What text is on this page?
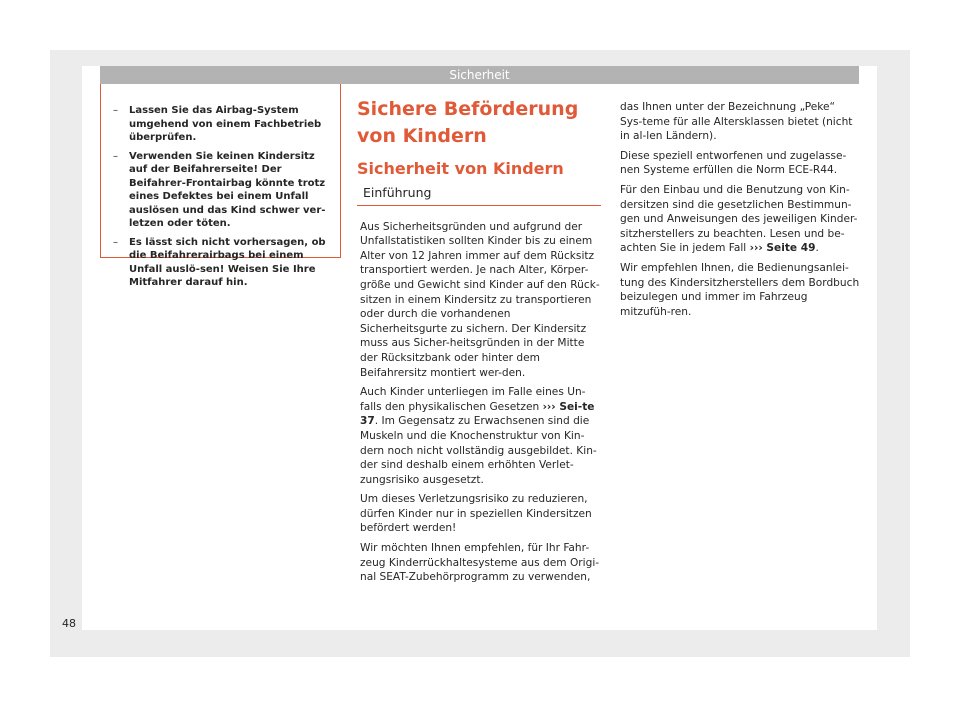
Sicherheit
– Lassen Sie das Airbag-System umgehend von einem Fachbetrieb überprüfen.
– Verwenden Sie keinen Kindersitz auf der Beifahrerseite! Der Beifahrer-Frontairbag könnte trotz eines Defektes bei einem Unfall auslösen und das Kind schwer ver-letzen oder töten.
– Es lässt sich nicht vorhersagen, ob die Beifahrerairbags bei einem Unfall auslö-sen! Weisen Sie Ihre Mitfahrer darauf hin.
Sichere Beförderung von Kindern
Sicherheit von Kindern
Einführung

Aus Sicherheitsgründen und aufgrund der Unfallstatistiken sollten Kinder bis zu einem Alter von 12 Jahren immer auf dem Rücksitz transportiert werden. Je nach Alter, Körper-größe und Gewicht sind Kinder auf den Rück-sitzen in einem Kindersitz zu transportieren oder durch die vorhandenen Sicherheitsgurte zu sichern. Der Kindersitz muss aus Sicher-heitsgründen in der Mitte der Rücksitzbank oder hinter dem Beifahrersitz montiert wer-den.

Auch Kinder unterliegen im Falle eines Un-falls den physikalischen Gesetzen ››› Sei-te 37. Im Gegensatz zu Erwachsenen sind die Muskeln und die Knochenstruktur von Kin-dern noch nicht vollständig ausgebildet. Kin-der sind deshalb einem erhöhten Verlet-zungsrisiko ausgesetzt.

Um dieses Verletzungsrisiko zu reduzieren, dürfen Kinder nur in speziellen Kindersitzen befördert werden!

Wir möchten Ihnen empfehlen, für Ihr Fahr-zeug Kinderrückhaltesysteme aus dem Origi-nal SEAT-Zubehörprogramm zu verwenden,

das Ihnen unter der Bezeichnung „Peke“ Sys-teme für alle Altersklassen bietet (nicht in al-len Ländern).

Diese speziell entworfenen und zugelasse-nen Systeme erfüllen die Norm ECE-R44.

Für den Einbau und die Benutzung von Kin-dersitzen sind die gesetzlichen Bestimmun-gen und Anweisungen des jeweiligen Kinder-sitzherstellers zu beachten. Lesen und be-achten Sie in jedem Fall ››› Seite 49.

Wir empfehlen Ihnen, die Bedienungsanlei-tung des Kindersitzherstellers dem Bordbuch beizulegen und immer im Fahrzeug mitzufüh-ren.

48
